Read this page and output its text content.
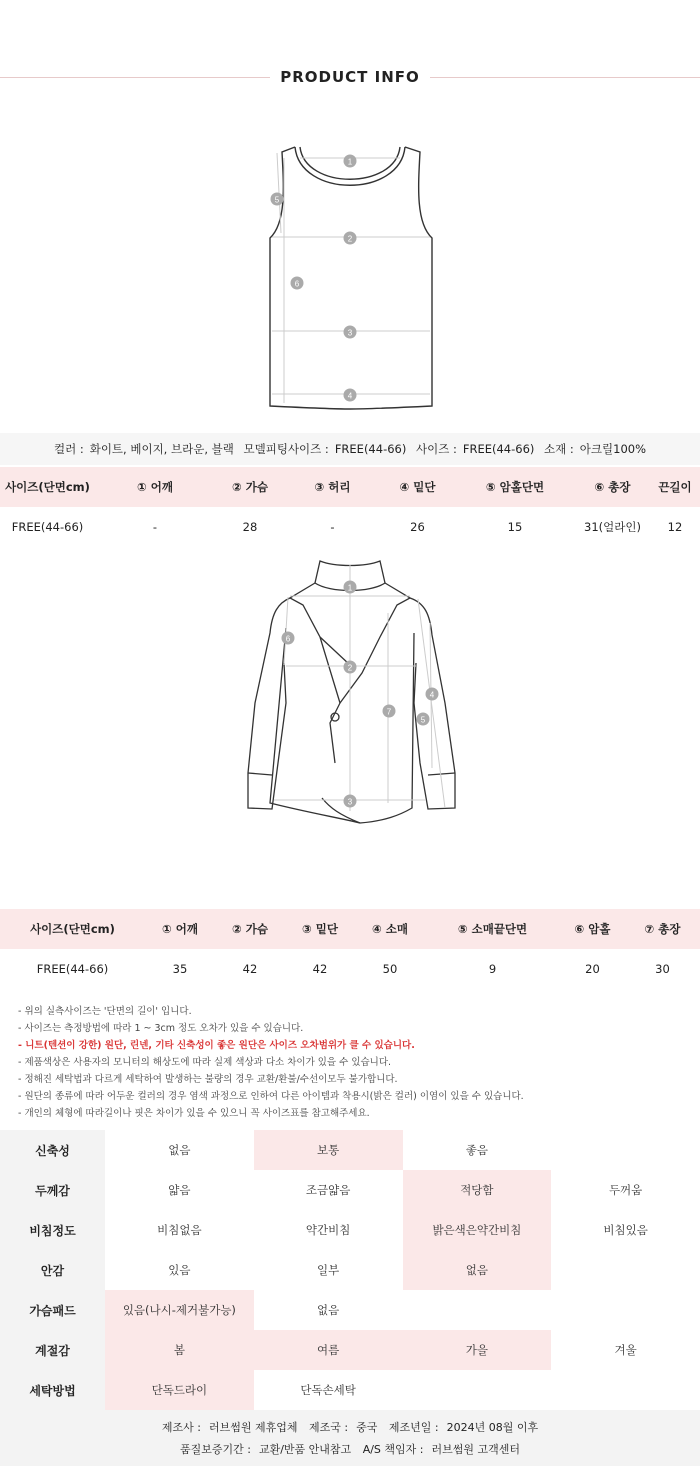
PRODUCT INFO
1
2
3
4
5
6
컬러 : 화이트, 베이지, 브라운, 블랙 모델피팅사이즈 : FREE(44-66) 사이즈 : FREE(44-66) 소재 : 아크릴100%
사이즈(단면cm)	① 어깨	② 가슴	③ 허리	④ 밑단	⑤ 암홀단면	⑥ 총장	끈길이
FREE(44-66)	-	28	-	26	15	31(얼라인)	12
1
2
3
4
5
6
7
사이즈(단면cm)	① 어깨	② 가슴	③ 밑단	④ 소매	⑤ 소매끝단면	⑥ 암홀	⑦ 총장
FREE(44-66)	35	42	42	50	9	20	30
- 위의 실측사이즈는 '단면의 길이' 입니다.
- 사이즈는 측정방법에 따라 1 ~ 3cm 정도 오차가 있을 수 있습니다.
- 니트(텐션이 강한) 원단, 린넨, 기타 신축성이 좋은 원단은 사이즈 오차범위가 클 수 있습니다.
- 제품색상은 사용자의 모니터의 해상도에 따라 실제 색상과 다소 차이가 있을 수 있습니다.
- 정해진 세탁법과 다르게 세탁하여 발생하는 불량의 경우 교환/환불/수선이모두 불가합니다.
- 원단의 종류에 따라 어두운 컬러의 경우 염색 과정으로 인하여 다른 아이템과 착용시(밝은 컬러) 이염이 있을 수 있습니다.
- 개인의 체형에 따라길이나 핏은 차이가 있을 수 있으니 꼭 사이즈표를 참고해주세요.
신축성	없음	보통	좋음
두께감	얇음	조금얇음	적당함	두꺼움
비침정도	비침없음	약간비침	밝은색은약간비침	비침있음
안감	있음	일부	없음
가슴패드	있음(나시-제거불가능)	없음
계절감	봄	여름	가을	겨울
세탁방법	단독드라이	단독손세탁
제조사 : 러브썸원 제휴업체 제조국 : 중국 제조년일 : 2024년 08월 이후
품질보증기간 : 교환/반품 안내참고 A/S 책임자 : 러브썸원 고객센터
